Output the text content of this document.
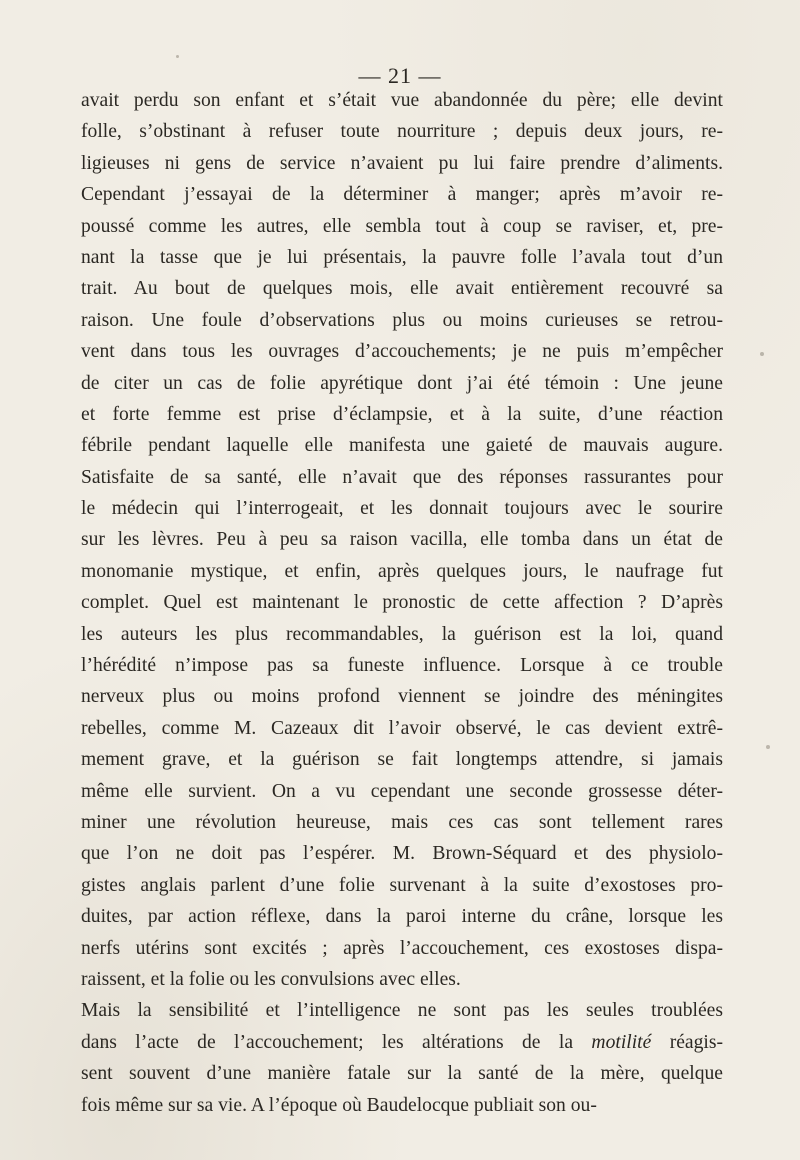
— 21 —
avait perdu son enfant et s’était vue abandonnée du père; elle devint
folle, s’obstinant à refuser toute nourriture ; depuis deux jours, re-
ligieuses ni gens de service n’avaient pu lui faire prendre d’aliments.
Cependant j’essayai de la déterminer à manger; après m’avoir re-
poussé comme les autres, elle sembla tout à coup se raviser, et, pre-
nant la tasse que je lui présentais, la pauvre folle l’avala tout d’un
trait. Au bout de quelques mois, elle avait entièrement recouvré sa
raison. Une foule d’observations plus ou moins curieuses se retrou-
vent dans tous les ouvrages d’accouchements; je ne puis m’empêcher
de citer un cas de folie apyrétique dont j’ai été témoin : Une jeune
et forte femme est prise d’éclampsie, et à la suite, d’une réaction
fébrile pendant laquelle elle manifesta une gaieté de mauvais augure.
Satisfaite de sa santé, elle n’avait que des réponses rassurantes pour
le médecin qui l’interrogeait, et les donnait toujours avec le sourire
sur les lèvres. Peu à peu sa raison vacilla, elle tomba dans un état de
monomanie mystique, et enfin, après quelques jours, le naufrage fut
complet. Quel est maintenant le pronostic de cette affection ? D’après
les auteurs les plus recommandables, la guérison est la loi, quand
l’hérédité n’impose pas sa funeste influence. Lorsque à ce trouble
nerveux plus ou moins profond viennent se joindre des méningites
rebelles, comme M. Cazeaux dit l’avoir observé, le cas devient extrê-
mement grave, et la guérison se fait longtemps attendre, si jamais
même elle survient. On a vu cependant une seconde grossesse déter-
miner une révolution heureuse, mais ces cas sont tellement rares
que l’on ne doit pas l’espérer. M. Brown-Séquard et des physiolo-
gistes anglais parlent d’une folie survenant à la suite d’exostoses pro-
duites, par action réflexe, dans la paroi interne du crâne, lorsque les
nerfs utérins sont excités ; après l’accouchement, ces exostoses dispa-
raissent, et la folie ou les convulsions avec elles.
Mais la sensibilité et l’intelligence ne sont pas les seules troublées
dans l’acte de l’accouchement; les altérations de la motilité réagis-
sent souvent d’une manière fatale sur la santé de la mère, quelque
fois même sur sa vie. A l’époque où Baudelocque publiait son ou-
